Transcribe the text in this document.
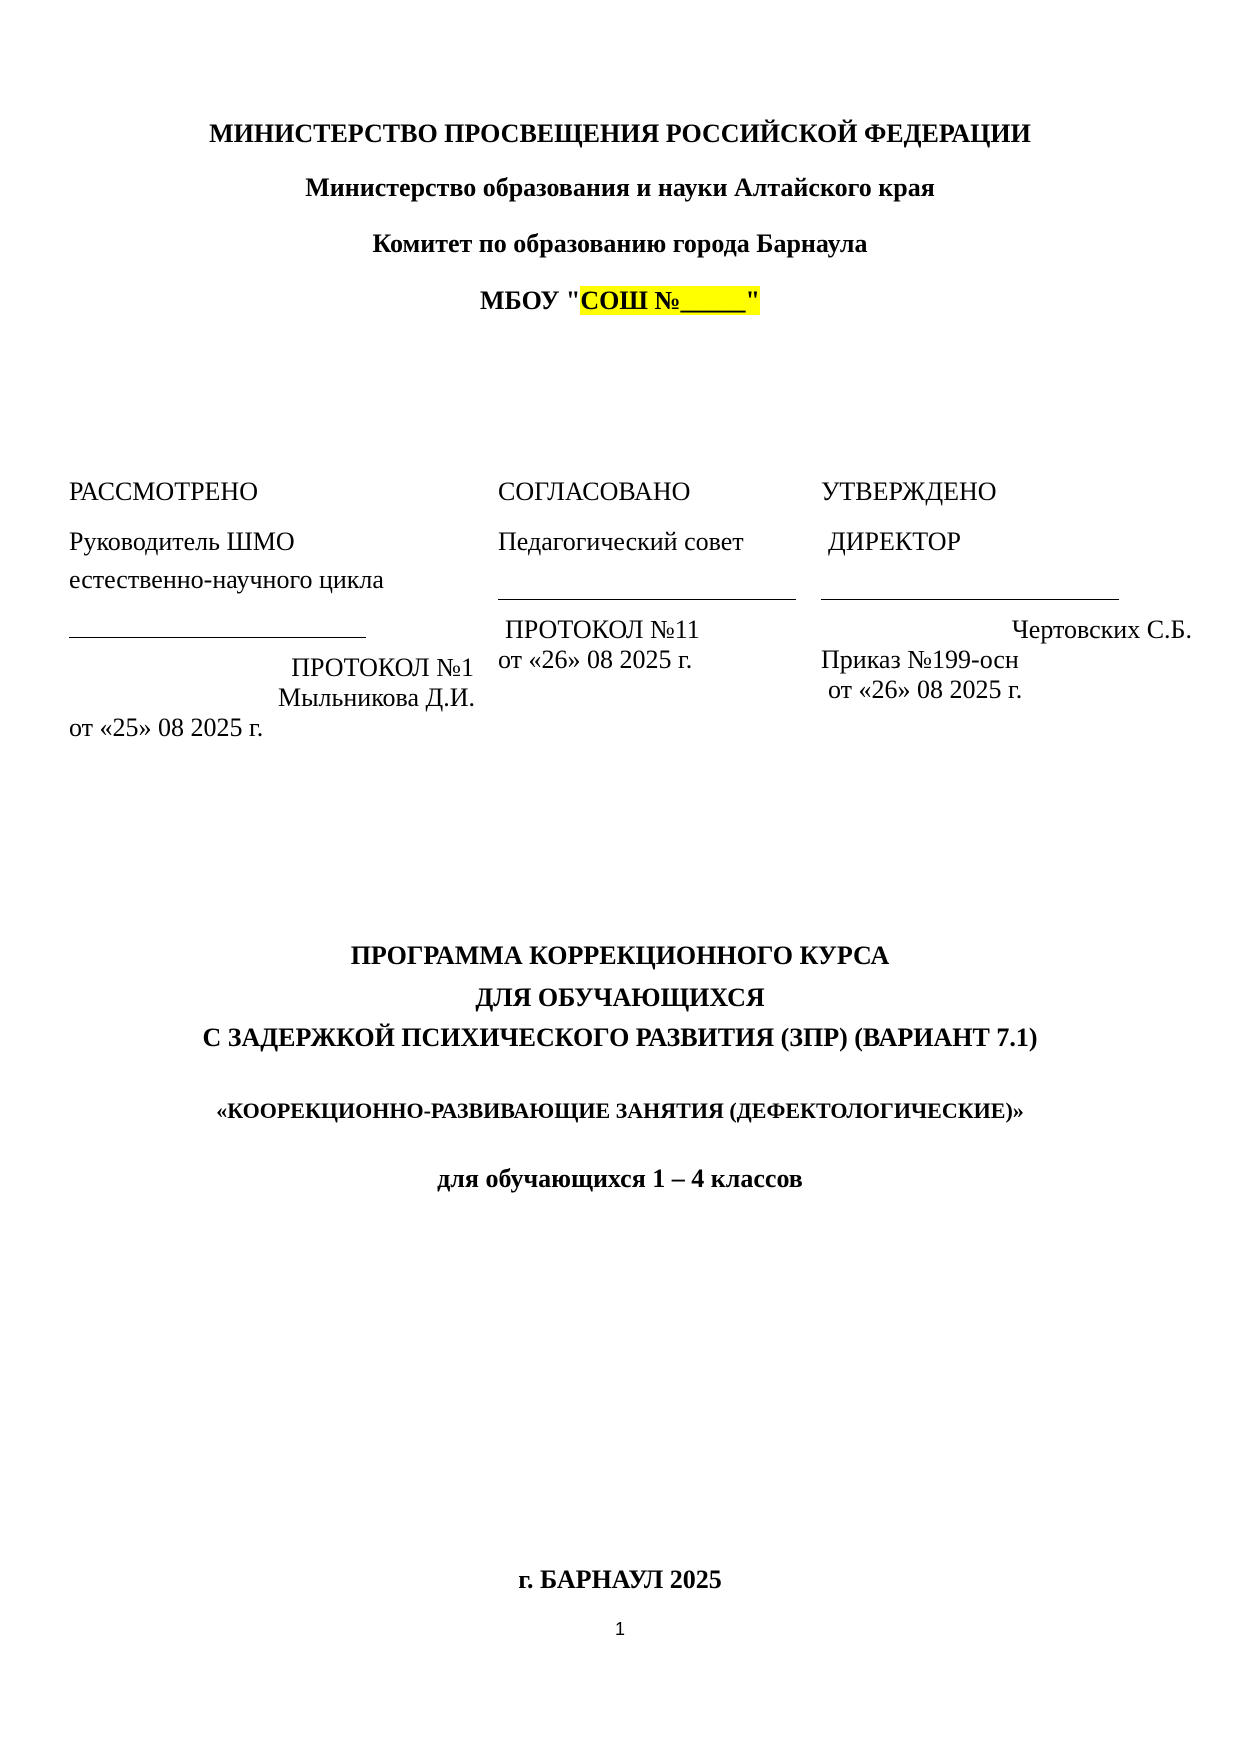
МИНИСТЕРСТВО ПРОСВЕЩЕНИЯ РОССИЙСКОЙ ФЕДЕРАЦИИ
Министерство образования и науки Алтайского края
Комитет по образованию города Барнаула
МБОУ "СОШ №_____"
РАССМОТРЕНО
Руководитель ШМО
естественно-научного цикла
ПРОТОКОЛ №1
Мыльникова Д.И.
от «25» 08 2025 г.
СОГЛАСОВАНО
Педагогический совет
ПРОТОКОЛ №11
от «26» 08 2025 г.
УТВЕРЖДЕНО
ДИРЕКТОР
Чертовских С.Б.
Приказ №199-осн
от «26» 08 2025 г.
ПРОГРАММА КОРРЕКЦИОННОГО КУРСА
ДЛЯ ОБУЧАЮЩИХСЯ
С ЗАДЕРЖКОЙ ПСИХИЧЕСКОГО РАЗВИТИЯ (ЗПР) (ВАРИАНТ 7.1)
«КООРЕКЦИОННО-РАЗВИВАЮЩИЕ ЗАНЯТИЯ (ДЕФЕКТОЛОГИЧЕСКИЕ)»
для обучающихся 1 – 4 классов
г. БАРНАУЛ 2025
1
